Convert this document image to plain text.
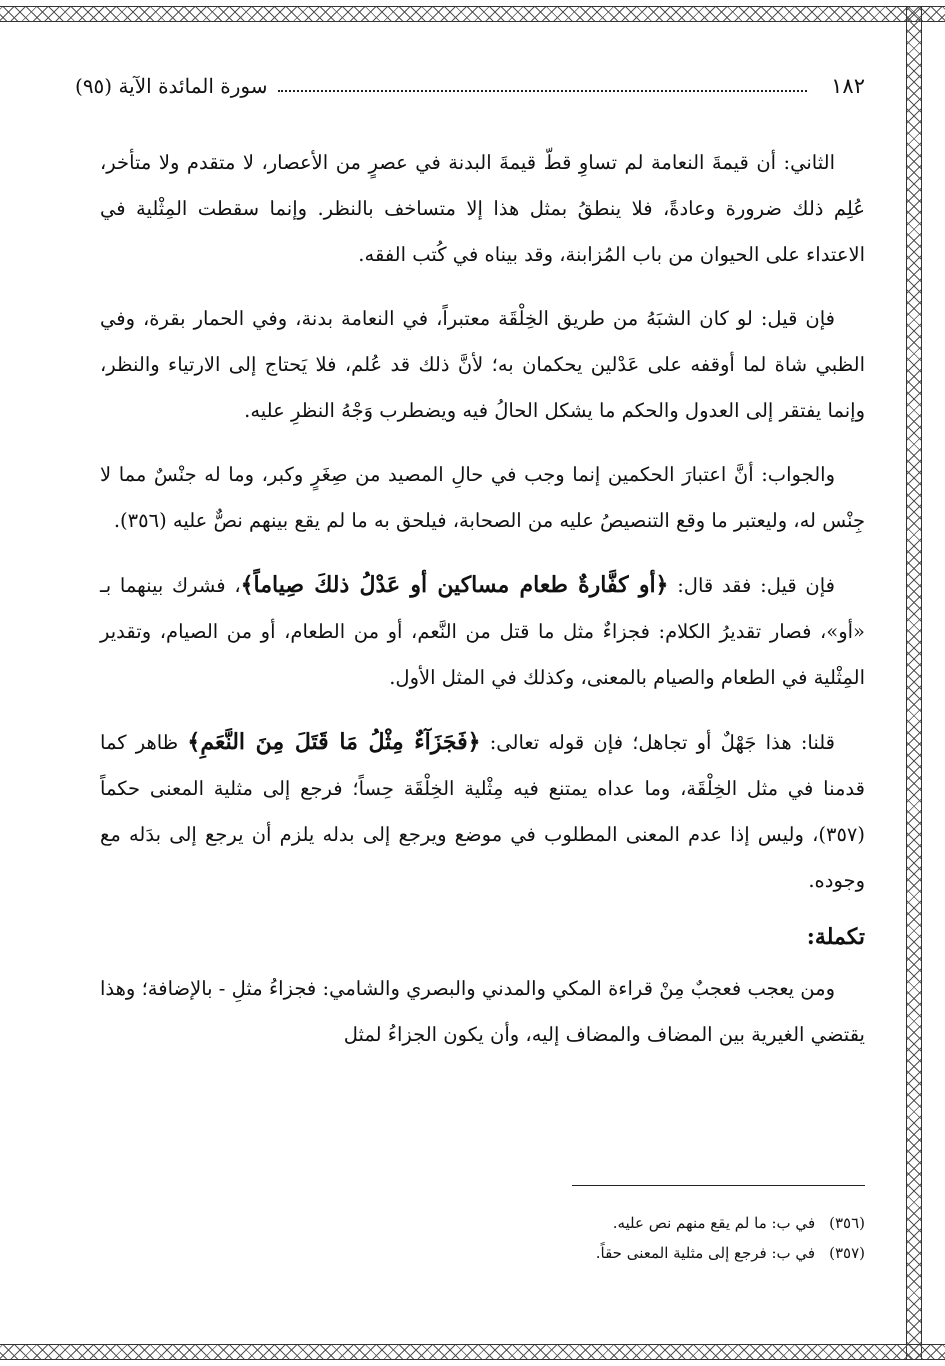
١٨٢
سورة المائدة الآية (٩٥)

الثاني: أن قيمةَ النعامة لم تساوِ قطّ قيمةَ البدنة في عصرٍ من الأعصار، لا متقدم ولا متأخر، عُلِم ذلك ضرورة وعادةً، فلا ينطقُ بمثل هذا إلا متساخف بالنظر. وإنما سقطت المِثْلية في الاعتداء على الحيوان من باب المُزابنة، وقد بيناه في كُتب الفقه.

فإن قيل: لو كان الشبَهُ من طريق الخِلْقَة معتبراً، في النعامة بدنة، وفي الحمار بقرة، وفي الظبي شاة لما أوقفه على عَدْلين يحكمان به؛ لأنَّ ذلك قد عُلم، فلا يَحتاج إلى الارتياء والنظر، وإنما يفتقر إلى العدول والحكم ما يشكل الحالُ فيه ويضطرب وَجْهُ النظرِ عليه.

والجواب: أنَّ اعتبارَ الحكمين إنما وجب في حالِ المصيد من صِغَرٍ وكبر، وما له جنْسٌ مما لا جِنْس له، وليعتبر ما وقع التنصيصُ عليه من الصحابة، فيلحق به ما لم يقع بينهم نصٌّ عليه (٣٥٦).

فإن قيل: فقد قال: ﴿أو كفَّارةٌ طعام مساكين أو عَدْلُ ذلكَ صِياماً﴾، فشرك بينهما بـ «أو»، فصار تقديرُ الكلام: فجزاءٌ مثل ما قتل من النَّعم، أو من الطعام، أو من الصيام، وتقدير المِثْلية في الطعام والصيام بالمعنى، وكذلك في المثل الأول.

قلنا: هذا جَهْلٌ أو تجاهل؛ فإن قوله تعالى: ﴿فَجَزَآءٌ مِثْلُ مَا قَتَلَ مِنَ النَّعَمِ﴾ ظاهر كما قدمنا في مثل الخِلْقَة، وما عداه يمتنع فيه مِثْلية الخِلْقَة حِساً؛ فرجع إلى مثلية المعنى حكماً (٣٥٧)، وليس إذا عدم المعنى المطلوب في موضع ويرجع إلى بدله يلزم أن يرجع إلى بدَله مع وجوده.

تكملة:

ومن يعجب فعجبٌ مِنْ قراءة المكي والمدني والبصري والشامي: فجزاءُ مثلِ - بالإضافة؛ وهذا يقتضي الغيرية بين المضاف والمضاف إليه، وأن يكون الجزاءُ لمثل

(٣٥٦)في ب: ما لم يقع منهم نص عليه.
(٣٥٧)في ب: فرجع إلى مثلية المعنى حقاً.
